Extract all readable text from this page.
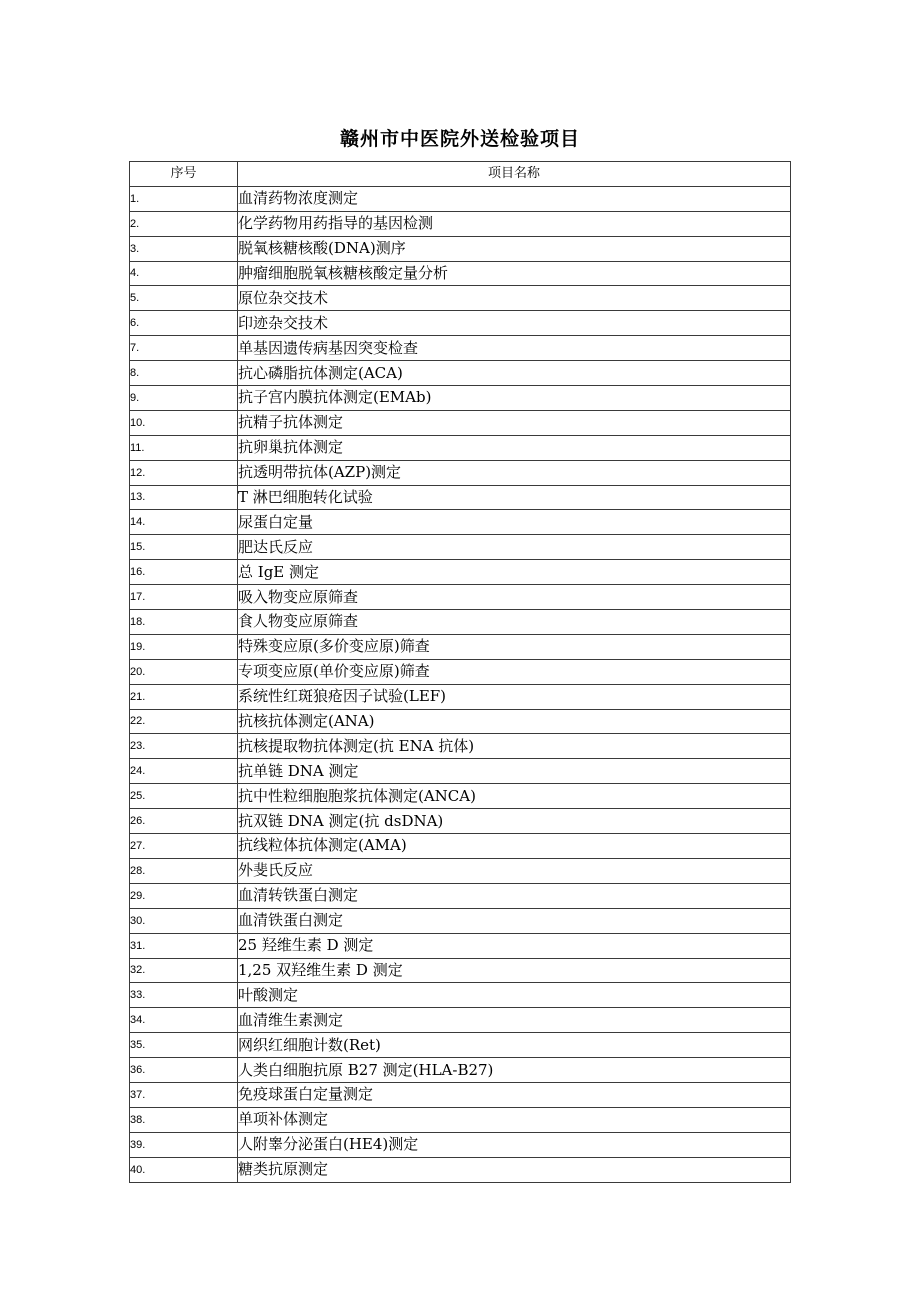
赣州市中医院外送检验项目
序号	项目名称
1.	血清药物浓度测定
2.	化学药物用药指导的基因检测
3.	脱氧核糖核酸(DNA)测序
4.	肿瘤细胞脱氧核糖核酸定量分析
5.	原位杂交技术
6.	印迹杂交技术
7.	单基因遗传病基因突变检查
8.	抗心磷脂抗体测定(ACA)
9.	抗子宫内膜抗体测定(EMAb)
10.	抗精子抗体测定
11.	抗卵巢抗体测定
12.	抗透明带抗体(AZP)测定
13.	T 淋巴细胞转化试验
14.	尿蛋白定量
15.	肥达氏反应
16.	总 IgE 测定
17.	吸入物变应原筛查
18.	食人物变应原筛查
19.	特殊变应原(多价变应原)筛查
20.	专项变应原(单价变应原)筛查
21.	系统性红斑狼疮因子试验(LEF)
22.	抗核抗体测定(ANA)
23.	抗核提取物抗体测定(抗 ENA 抗体)
24.	抗单链 DNA 测定
25.	抗中性粒细胞胞浆抗体测定(ANCA)
26.	抗双链 DNA 测定(抗 dsDNA)
27.	抗线粒体抗体测定(AMA)
28.	外斐氏反应
29.	血清转铁蛋白测定
30.	血清铁蛋白测定
31.	25 羟维生素 D 测定
32.	1,25 双羟维生素 D 测定
33.	叶酸测定
34.	血清维生素测定
35.	网织红细胞计数(Ret)
36.	人类白细胞抗原 B27 测定(HLA-B27)
37.	免疫球蛋白定量测定
38.	单项补体测定
39.	人附睾分泌蛋白(HE4)测定
40.	糖类抗原测定
